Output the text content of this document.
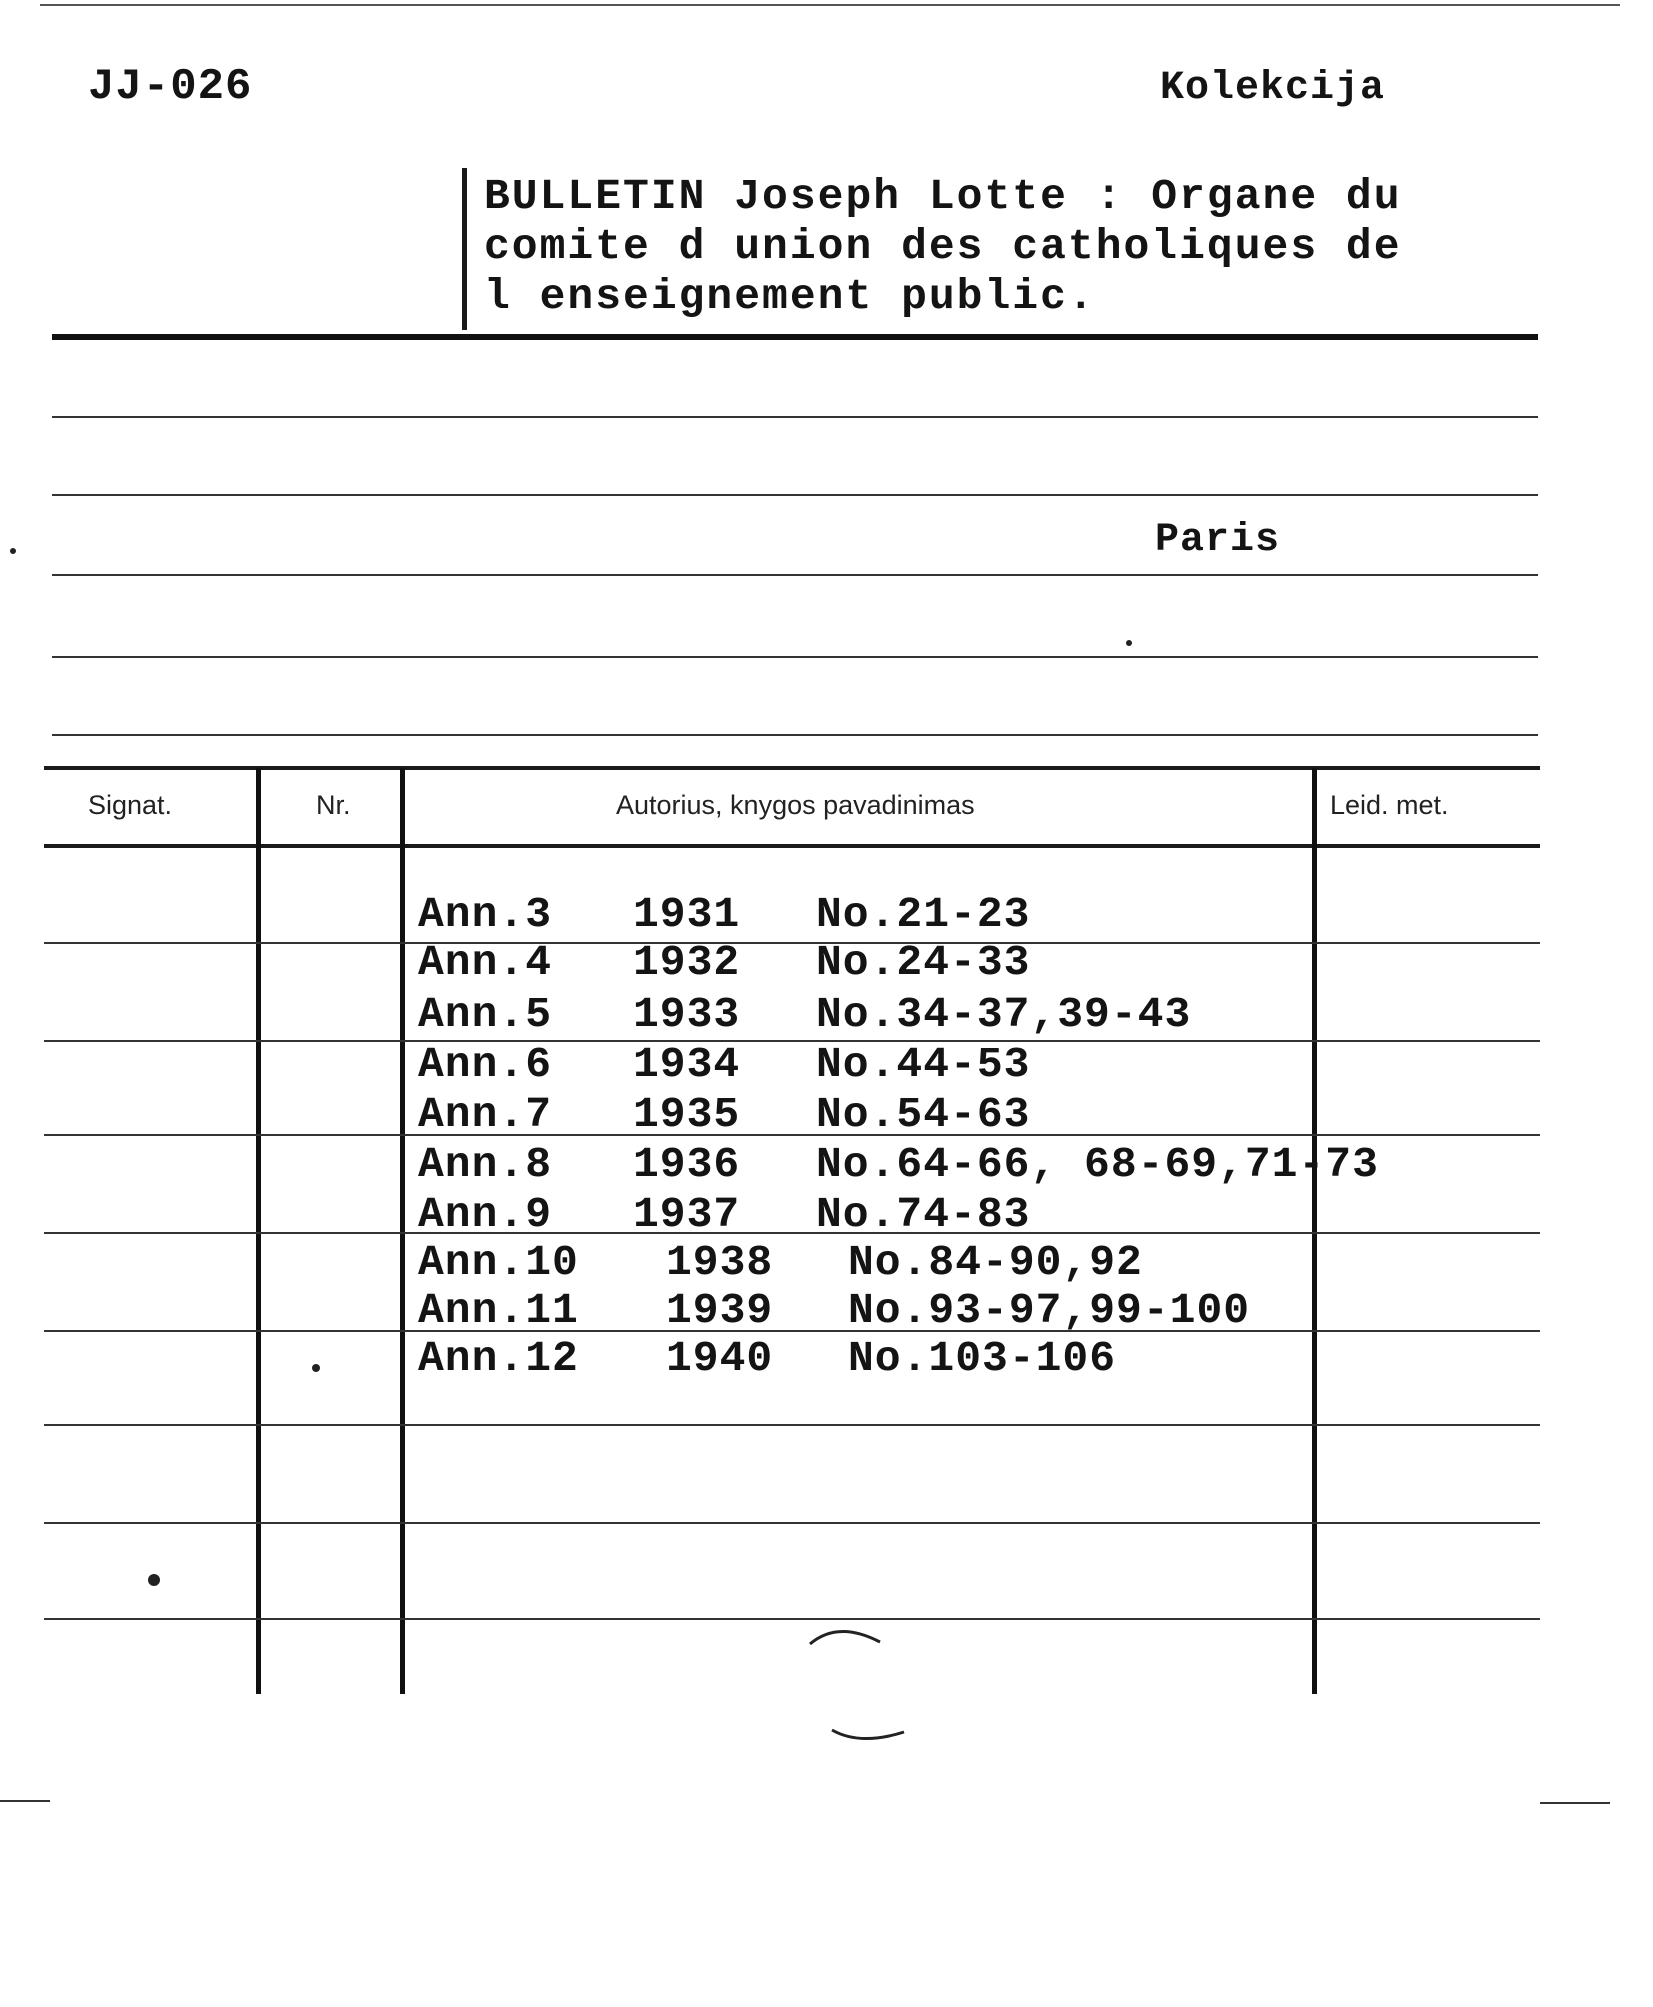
JJ-026	Kolekcija
BULLETIN Joseph Lotte : Organe du
comite d union des catholiques de
l enseignement public.
Paris
Signat.	Nr.	Autorius, knygos pavadinimas	Leid. met.
Ann.3 1931 No.21-23
Ann.4 1932 No.24-33
Ann.5 1933 No.34-37,39-43
Ann.6 1934 No.44-53
Ann.7 1935 No.54-63
Ann.8 1936 No.64-66, 68-69,71-73
Ann.9 1937 No.74-83
Ann.10 1938 No.84-90,92
Ann.11 1939 No.93-97,99-100
Ann.12 1940 No.103-106
